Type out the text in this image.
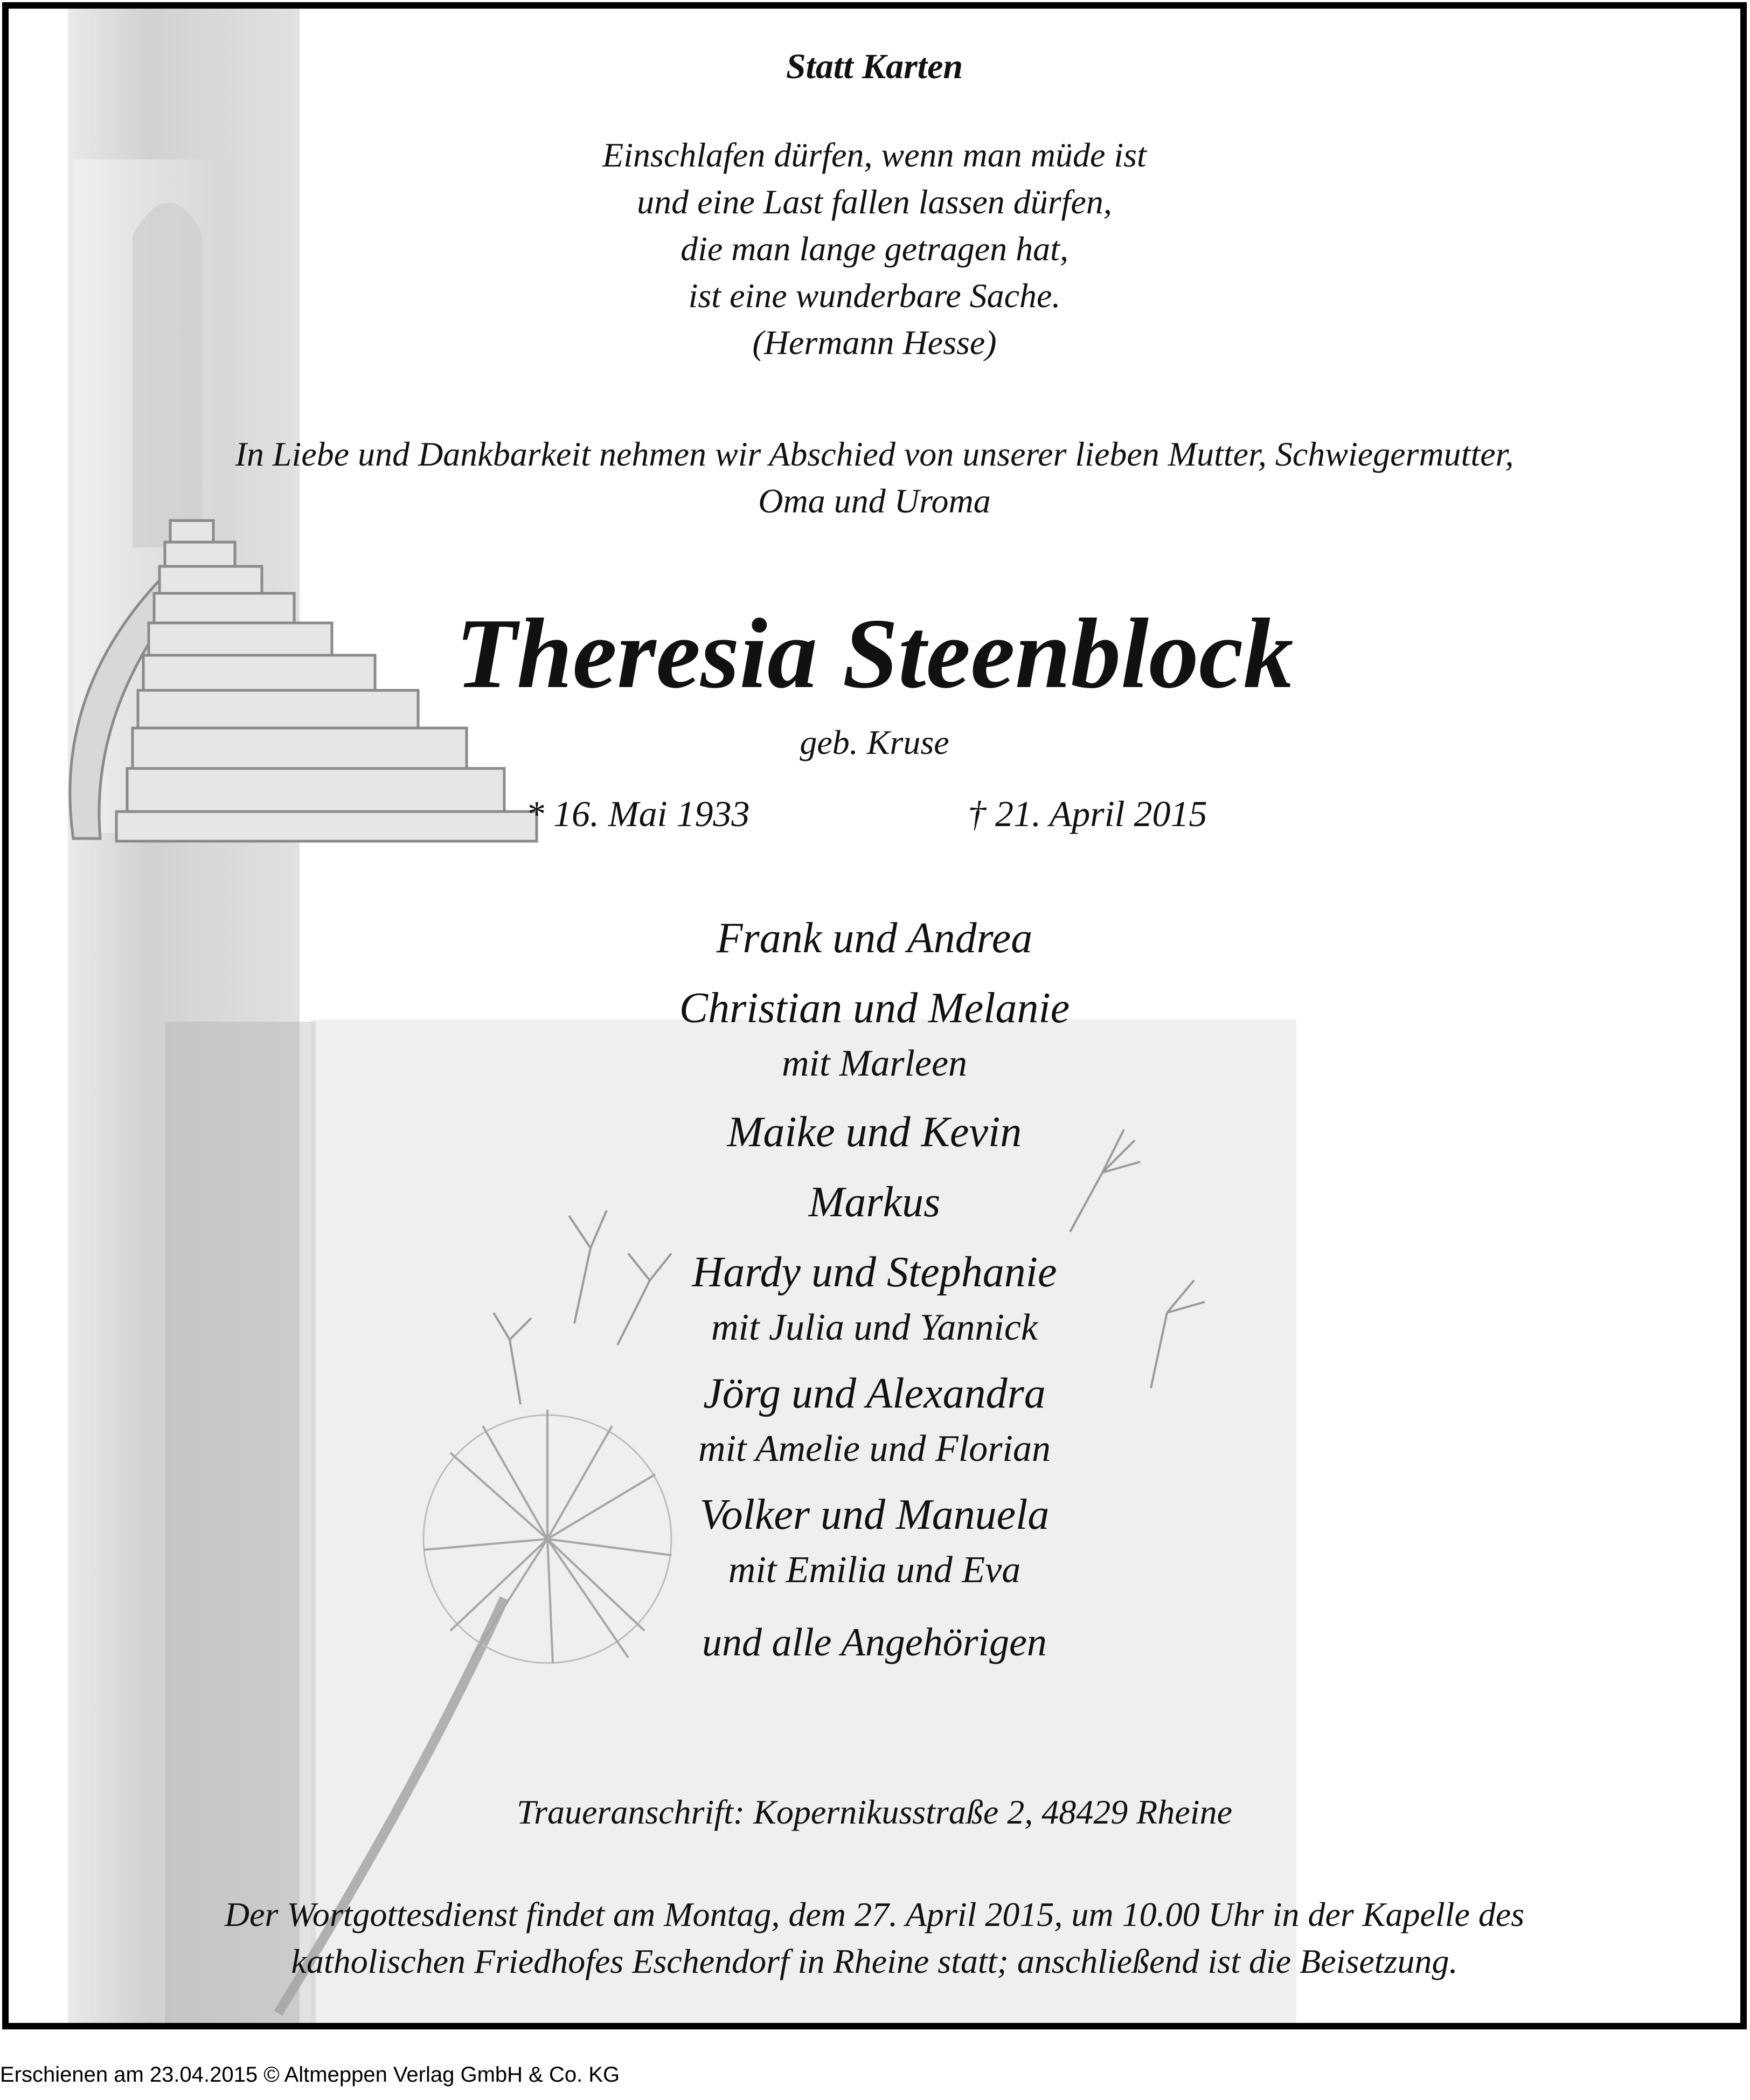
Statt Karten
Einschlafen dürfen, wenn man müde ist
und eine Last fallen lassen dürfen,
die man lange getragen hat,
ist eine wunderbare Sache.
(Hermann Hesse)
In Liebe und Dankbarkeit nehmen wir Abschied von unserer lieben Mutter, Schwiegermutter,
Oma und Uroma
Theresia Steenblock
geb. Kruse
* 16. Mai 1933	† 21. April 2015
Frank und Andrea
Christian und Melanie
mit Marleen
Maike und Kevin
Markus
Hardy und Stephanie
mit Julia und Yannick
Jörg und Alexandra
mit Amelie und Florian
Volker und Manuela
mit Emilia und Eva
und alle Angehörigen
Traueranschrift: Kopernikusstraße 2, 48429 Rheine
Der Wortgottesdienst findet am Montag, dem 27. April 2015, um 10.00 Uhr in der Kapelle des
katholischen Friedhofes Eschendorf in Rheine statt; anschließend ist die Beisetzung.
Erschienen am 23.04.2015 © Altmeppen Verlag GmbH & Co. KG
